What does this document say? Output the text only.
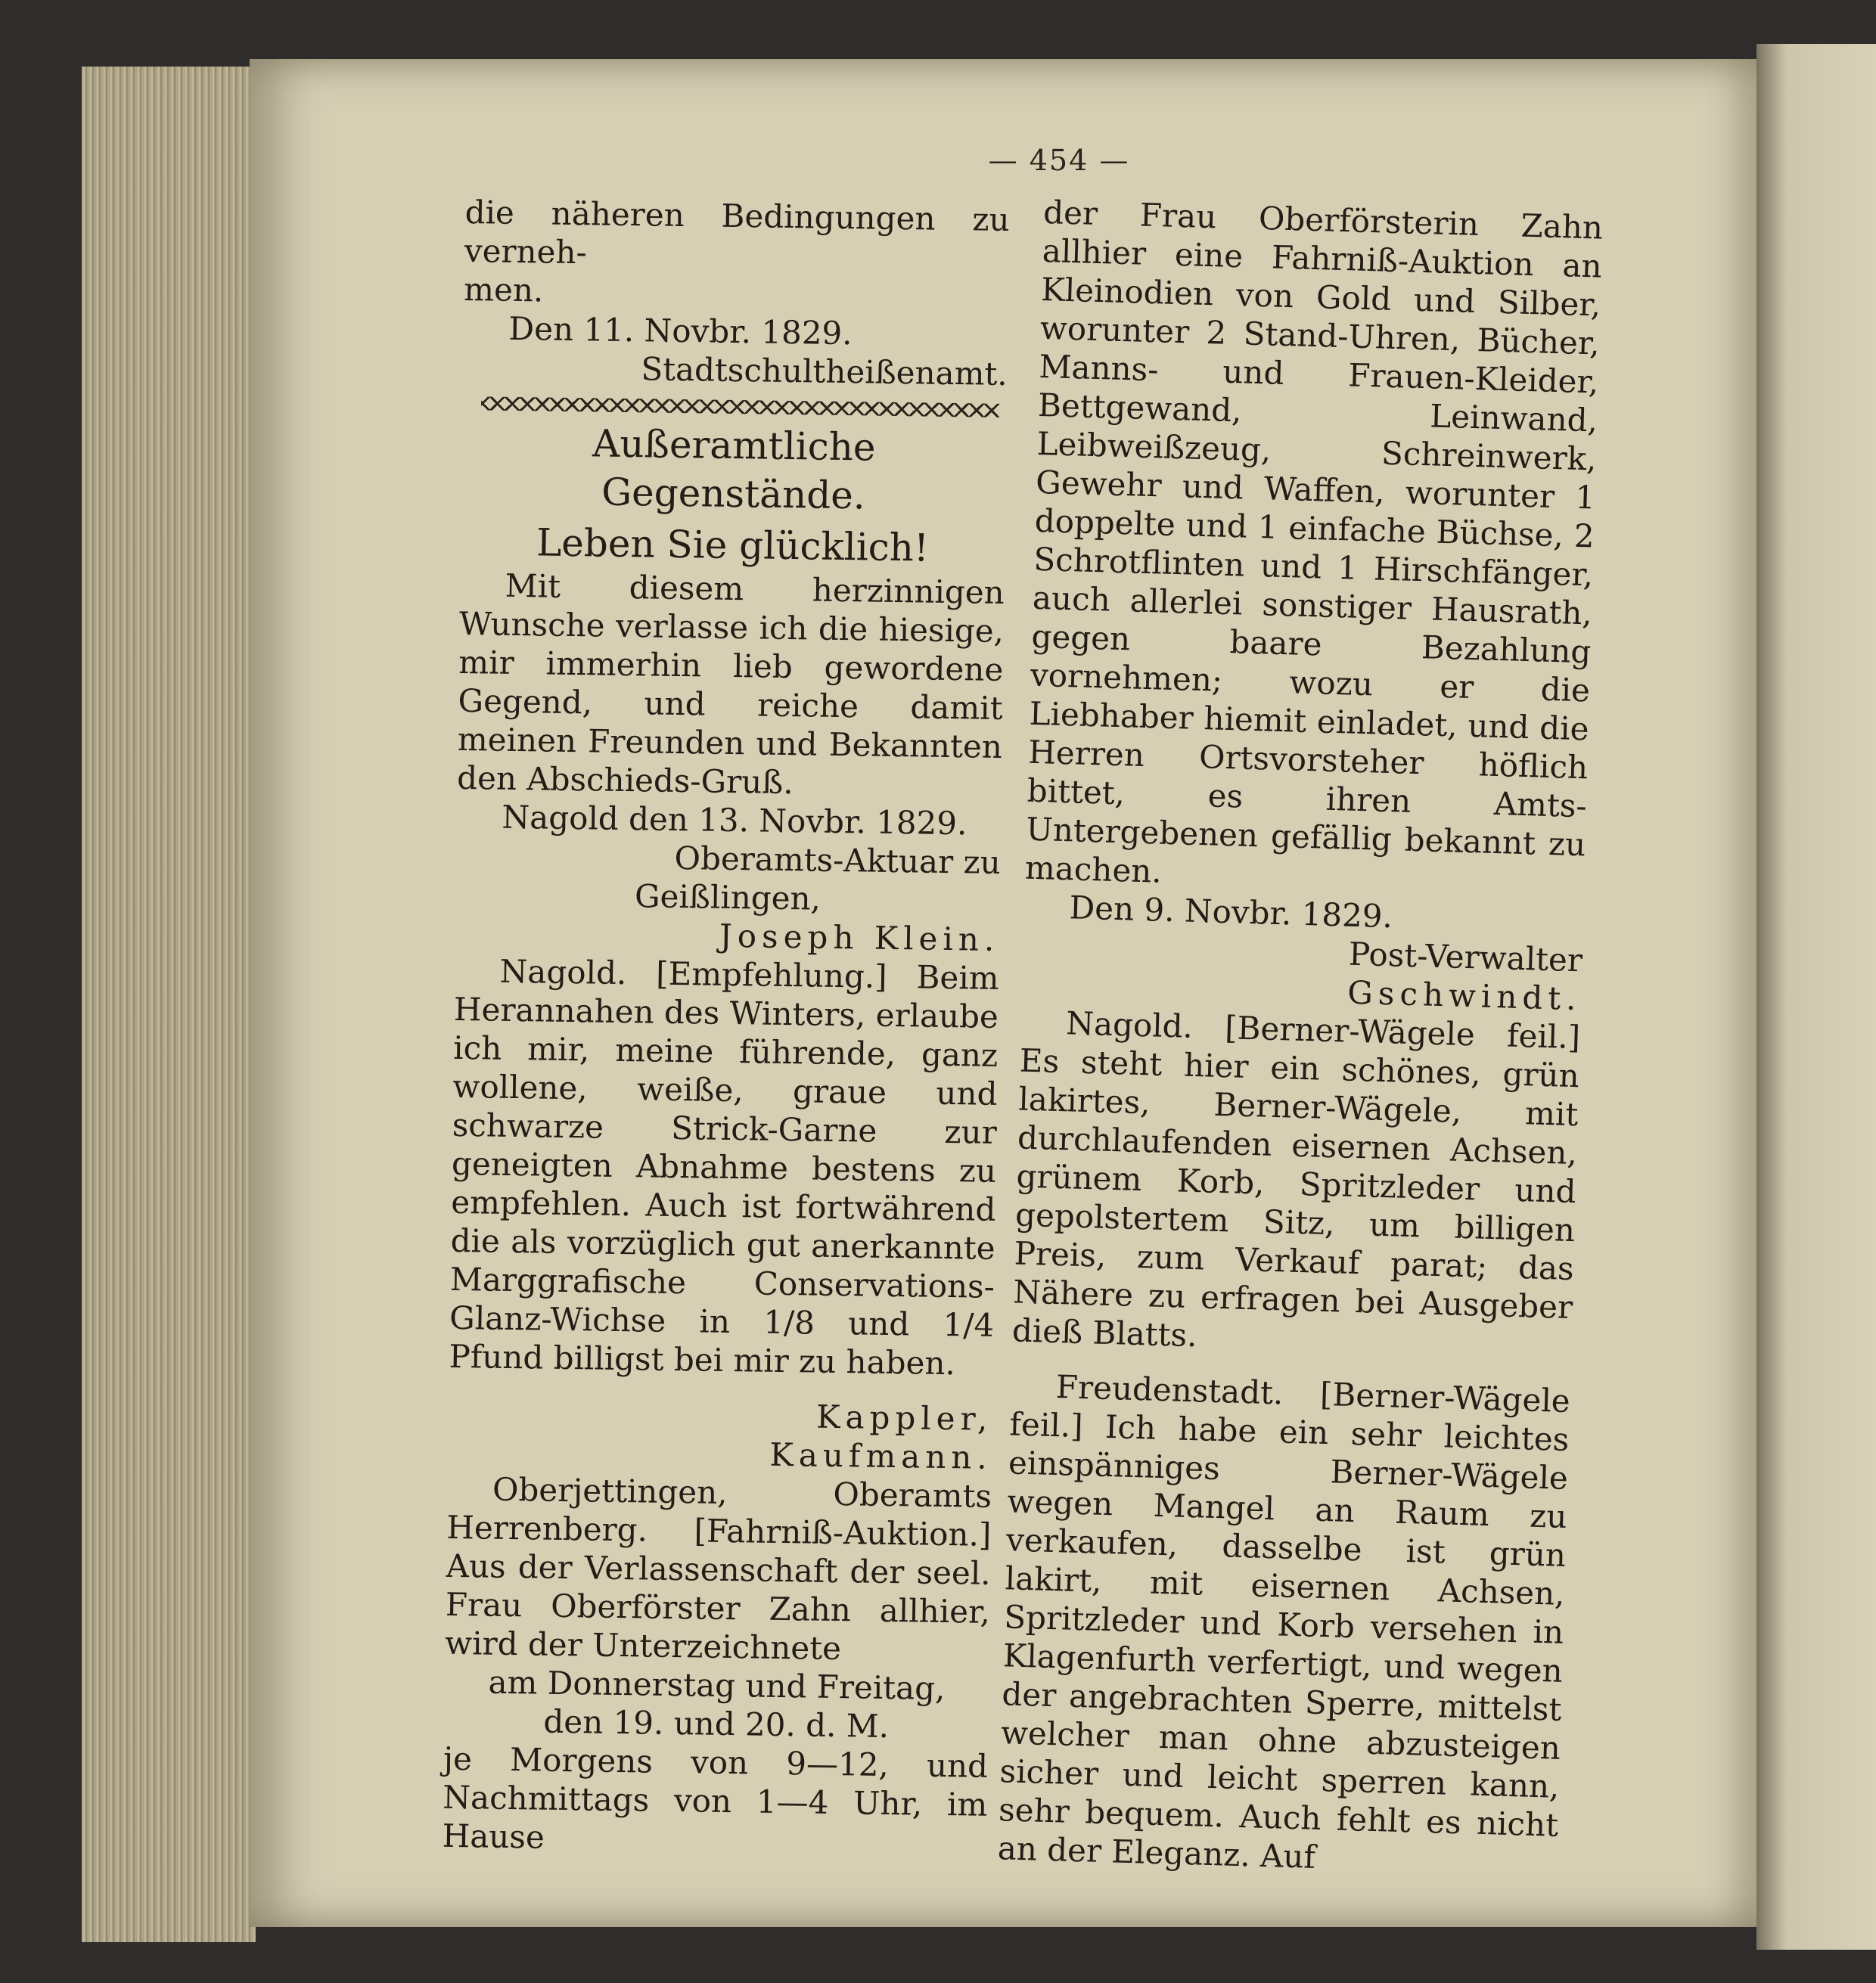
— 454 —

die näheren Bedingungen zu verneh-

men.

Den 11. Novbr. 1829.

Stadtschultheißenamt.

Außeramtliche Gegenstände.
Leben Sie glücklich!

Mit diesem herzinnigen Wunsche verlasse ich die hiesige, mir immerhin lieb gewordene Gegend, und reiche damit meinen Freunden und Bekannten den Abschieds-Gruß.

Nagold den 13. Novbr. 1829.

Oberamts-Aktuar zu

Geißlingen,

Joseph Klein.

Nagold. [Empfehlung.] Beim Herannahen des Winters, erlaube ich mir, meine führende, ganz wollene, weiße, graue und schwarze Strick-Garne zur geneigten Abnahme bestens zu empfehlen. Auch ist fortwährend die als vorzüglich gut anerkannte Marggrafische Conservations-Glanz-Wichse in 1/8 und 1/4 Pfund billigst bei mir zu haben.

Kappler,

Kaufmann.

Oberjettingen, Oberamts Herrenberg. [Fahrniß-Auktion.] Aus der Verlassenschaft der seel. Frau Oberförster Zahn allhier, wird der Unterzeichnete

am Donnerstag und Freitag,

den 19. und 20. d. M.

je Morgens von 9—12, und Nachmittags von 1—4 Uhr, im Hause

der Frau Oberförsterin Zahn allhier eine Fahrniß-Auktion an Kleinodien von Gold und Silber, worunter 2 Stand-Uhren, Bücher, Manns- und Frauen-Kleider, Bettgewand, Leinwand, Leibweißzeug, Schreinwerk, Gewehr und Waffen, worunter 1 doppelte und 1 einfache Büchse, 2 Schrotflinten und 1 Hirschfänger, auch allerlei sonstiger Hausrath, gegen baare Bezahlung vornehmen; wozu er die Liebhaber hiemit einladet, und die Herren Ortsvorsteher höflich bittet, es ihren Amts-Untergebenen gefällig bekannt zu machen.

Den 9. Novbr. 1829.

Post-Verwalter

Gschwindt.

Nagold. [Berner-Wägele feil.] Es steht hier ein schönes, grün lakirtes, Berner-Wägele, mit durchlaufenden eisernen Achsen, grünem Korb, Spritzleder und gepolstertem Sitz, um billigen Preis, zum Verkauf parat; das Nähere zu erfragen bei Ausgeber dieß Blatts.

Freudenstadt. [Berner-Wägele feil.] Ich habe ein sehr leichtes einspänniges Berner-Wägele wegen Mangel an Raum zu verkaufen, dasselbe ist grün lakirt, mit eisernen Achsen, Spritzleder und Korb versehen in Klagenfurth verfertigt, und wegen der angebrachten Sperre, mittelst welcher man ohne abzusteigen sicher und leicht sperren kann, sehr bequem. Auch fehlt es nicht an der Eleganz. Auf
